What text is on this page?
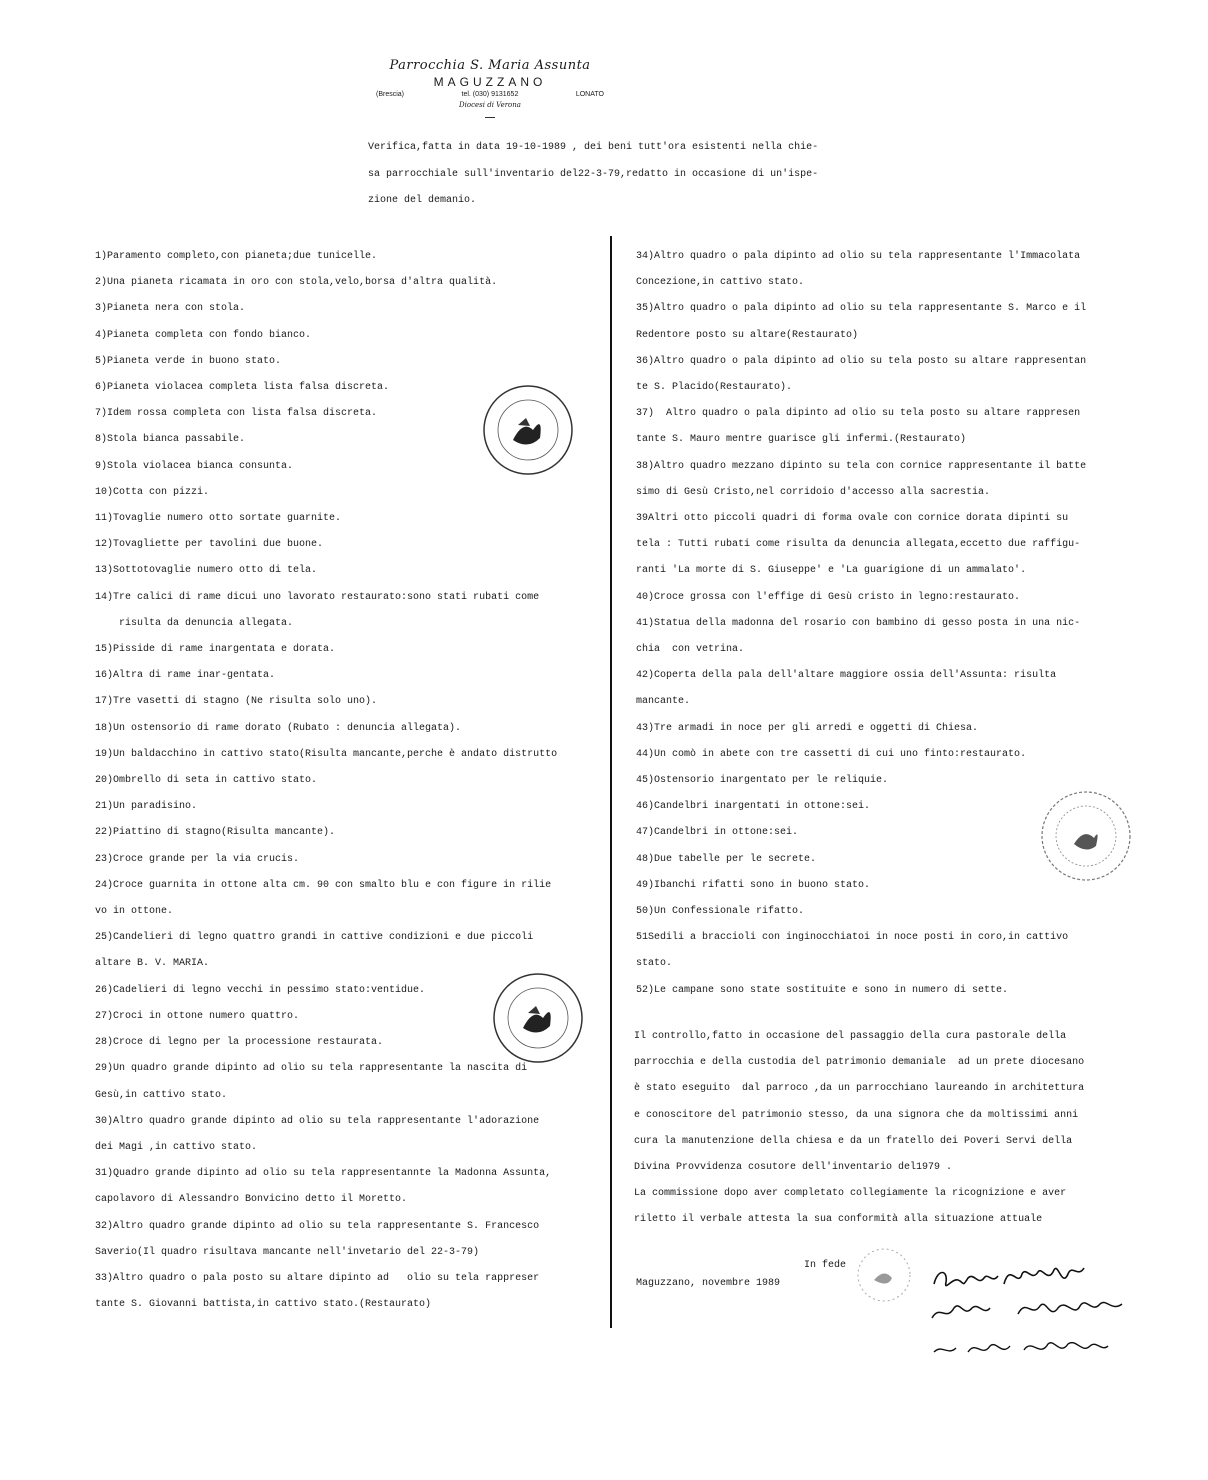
Parrocchia S. Maria Assunta
MAGUZZANO
(Brescia)	tel. (030) 9131652	LONATO
Diocesi di Verona
Verifica,fatta in data 19-10-1989 , dei beni tutt'ora esistenti nella chie-
sa parrocchiale sull'inventario del22-3-79,redatto in occasione di un'ispe-
zione del demanio.
1)Paramento completo,con pianeta;due tunicelle.
2)Una pianeta ricamata in oro con stola,velo,borsa d'altra qualità.
3)Pianeta nera con stola.
4)Pianeta completa con fondo bianco.
5)Pianeta verde in buono stato.
6)Pianeta violacea completa lista falsa discreta.
7)Idem rossa completa con lista falsa discreta.
8)Stola bianca passabile.
9)Stola violacea bianca consunta.
10)Cotta con pizzi.
11)Tovaglie numero otto sortate guarnite.
12)Tovagliette per tavolini due buone.
13)Sottotovaglie numero otto di tela.
14)Tre calici di rame dicui uno lavorato restaurato:sono stati rubati come
risulta da denuncia allegata.
15)Pisside di rame inargentata e dorata.
16)Altra di rame inar-gentata.
17)Tre vasetti di stagno (Ne risulta solo uno).
18)Un ostensorio di rame dorato (Rubato : denuncia allegata).
19)Un baldacchino in cattivo stato(Risulta mancante,perche è andato distrutto
20)Ombrello di seta in cattivo stato.
21)Un paradisino.
22)Piattino di stagno(Risulta mancante).
23)Croce grande per la via crucis.
24)Croce guarnita in ottone alta cm. 90 con smalto blu e con figure in rilie
vo in ottone.
25)Candelieri di legno quattro grandi in cattive condizioni e due piccoli
altare B. V. MARIA.
26)Cadelieri di legno vecchi in pessimo stato:ventidue.
27)Croci in ottone numero quattro.
28)Croce di legno per la processione restaurata.
29)Un quadro grande dipinto ad olio su tela rappresentante la nascita di
Gesù,in cattivo stato.
30)Altro quadro grande dipinto ad olio su tela rappresentante l'adorazione
dei Magi ,in cattivo stato.
31)Quadro grande dipinto ad olio su tela rappresentannte la Madonna Assunta,
capolavoro di Alessandro Bonvicino detto il Moretto.
32)Altro quadro grande dipinto ad olio su tela rappresentante S. Francesco
Saverio(Il quadro risultava mancante nell'invetario del 22-3-79)
33)Altro quadro o pala posto su altare dipinto ad   olio su tela rappreser
tante S. Giovanni battista,in cattivo stato.(Restaurato)
34)Altro quadro o pala dipinto ad olio su tela rappresentante l'Immacolata
Concezione,in cattivo stato.
35)Altro quadro o pala dipinto ad olio su tela rappresentante S. Marco e il
Redentore posto su altare(Restaurato)
36)Altro quadro o pala dipinto ad olio su tela posto su altare rappresentan
te S. Placido(Restaurato).
37)  Altro quadro o pala dipinto ad olio su tela posto su altare rappresen
tante S. Mauro mentre guarisce gli infermi.(Restaurato)
38)Altro quadro mezzano dipinto su tela con cornice rappresentante il batte
simo di Gesù Cristo,nel corridoio d'accesso alla sacrestia.
39Altri otto piccoli quadri di forma ovale con cornice dorata dipinti su
tela : Tutti rubati come risulta da denuncia allegata,eccetto due raffigu-
ranti 'La morte di S. Giuseppe' e 'La guarigione di un ammalato'.
40)Croce grossa con l'effige di Gesù cristo in legno:restaurato.
41)Statua della madonna del rosario con bambino di gesso posta in una nic-
chia  con vetrina.
42)Coperta della pala dell'altare maggiore ossia dell'Assunta: risulta
mancante.
43)Tre armadi in noce per gli arredi e oggetti di Chiesa.
44)Un comò in abete con tre cassetti di cui uno finto:restaurato.
45)Ostensorio inargentato per le reliquie.
46)Candelbri inargentati in ottone:sei.
47)Candelbri in ottone:sei.
48)Due tabelle per le secrete.
49)Ibanchi rifatti sono in buono stato.
50)Un Confessionale rifatto.
51Sedili a braccioli con inginocchiatoi in noce posti in coro,in cattivo
stato.
52)Le campane sono state sostituite e sono in numero di sette.
Il controllo,fatto in occasione del passaggio della cura pastorale della
parrocchia e della custodia del patrimonio demaniale  ad un prete diocesano
è stato eseguito  dal parroco ,da un parrocchiano laureando in architettura
e conoscitore del patrimonio stesso, da una signora che da moltissimi anni
cura la manutenzione della chiesa e da un fratello dei Poveri Servi della
Divina Provvidenza cosutore dell'inventario del1979 .
La commissione dopo aver completato collegiamente la ricognizione e aver
riletto il verbale attesta la sua conformità alla situazione attuale
In fede
Maguzzano, novembre 1989
